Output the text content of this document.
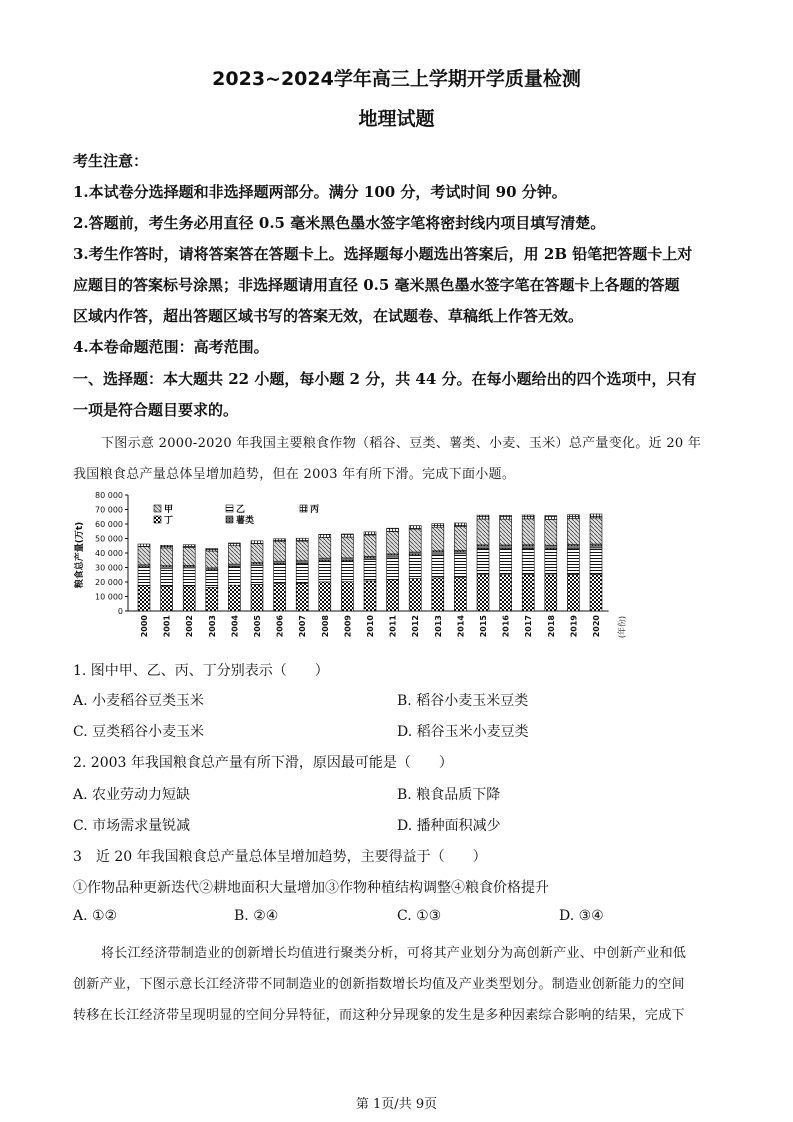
2023~2024学年高三上学期开学质量检测
地理试题
考生注意：
1.本试卷分选择题和非选择题两部分。满分 100 分，考试时间 90 分钟。
2.答题前，考生务必用直径 0.5 毫米黑色墨水签字笔将密封线内项目填写清楚。
3.考生作答时，请将答案答在答题卡上。选择题每小题选出答案后，用 2B 铅笔把答题卡上对
应题目的答案标号涂黑；非选择题请用直径 0.5 毫米黑色墨水签字笔在答题卡上各题的答题
区域内作答，超出答题区域书写的答案无效，在试题卷、草稿纸上作答无效。
4.本卷命题范围：高考范围。
一、选择题：本大题共 22 小题，每小题 2 分，共 44 分。在每小题给出的四个选项中，只有
一项是符合题目要求的。
下图示意 2000-2020 年我国主要粮食作物（稻谷、豆类、薯类、小麦、玉米）总产量变化。近 20 年
我国粮食总产量总体呈增加趋势，但在 2003 年有所下滑。完成下面小题。
0
10 000
20 000
30 000
40 000
50 000
60 000
70 000
80 000
粮食总产量(万t)
(年份)
2000 2001 2002 2003 2004 2005 2006 2007 2008 2009 2010 2011 2012 2013 2014 2015 2016 2017 2018 2019 2020
甲	乙	丙
丁	薯类
1. 图中甲、乙、丙、丁分别表示（　　）
A. 小麦稻谷豆类玉米	B. 稻谷小麦玉米豆类
C. 豆类稻谷小麦玉米	D. 稻谷玉米小麦豆类
2. 2003 年我国粮食总产量有所下滑，原因最可能是（　　）
A. 农业劳动力短缺	B. 粮食品质下降
C. 市场需求量锐减	D. 播种面积减少
3　近 20 年我国粮食总产量总体呈增加趋势，主要得益于（　　）
①作物品种更新迭代②耕地面积大量增加③作物种植结构调整④粮食价格提升
A. ①②	B. ②④	C. ①③	D. ③④
将长江经济带制造业的创新增长均值进行聚类分析，可将其产业划分为高创新产业、中创新产业和低
创新产业，下图示意长江经济带不同制造业的创新指数增长均值及产业类型划分。制造业创新能力的空间
转移在长江经济带呈现明显的空间分异特征，而这种分异现象的发生是多种因素综合影响的结果，完成下
第 1页/共 9页
